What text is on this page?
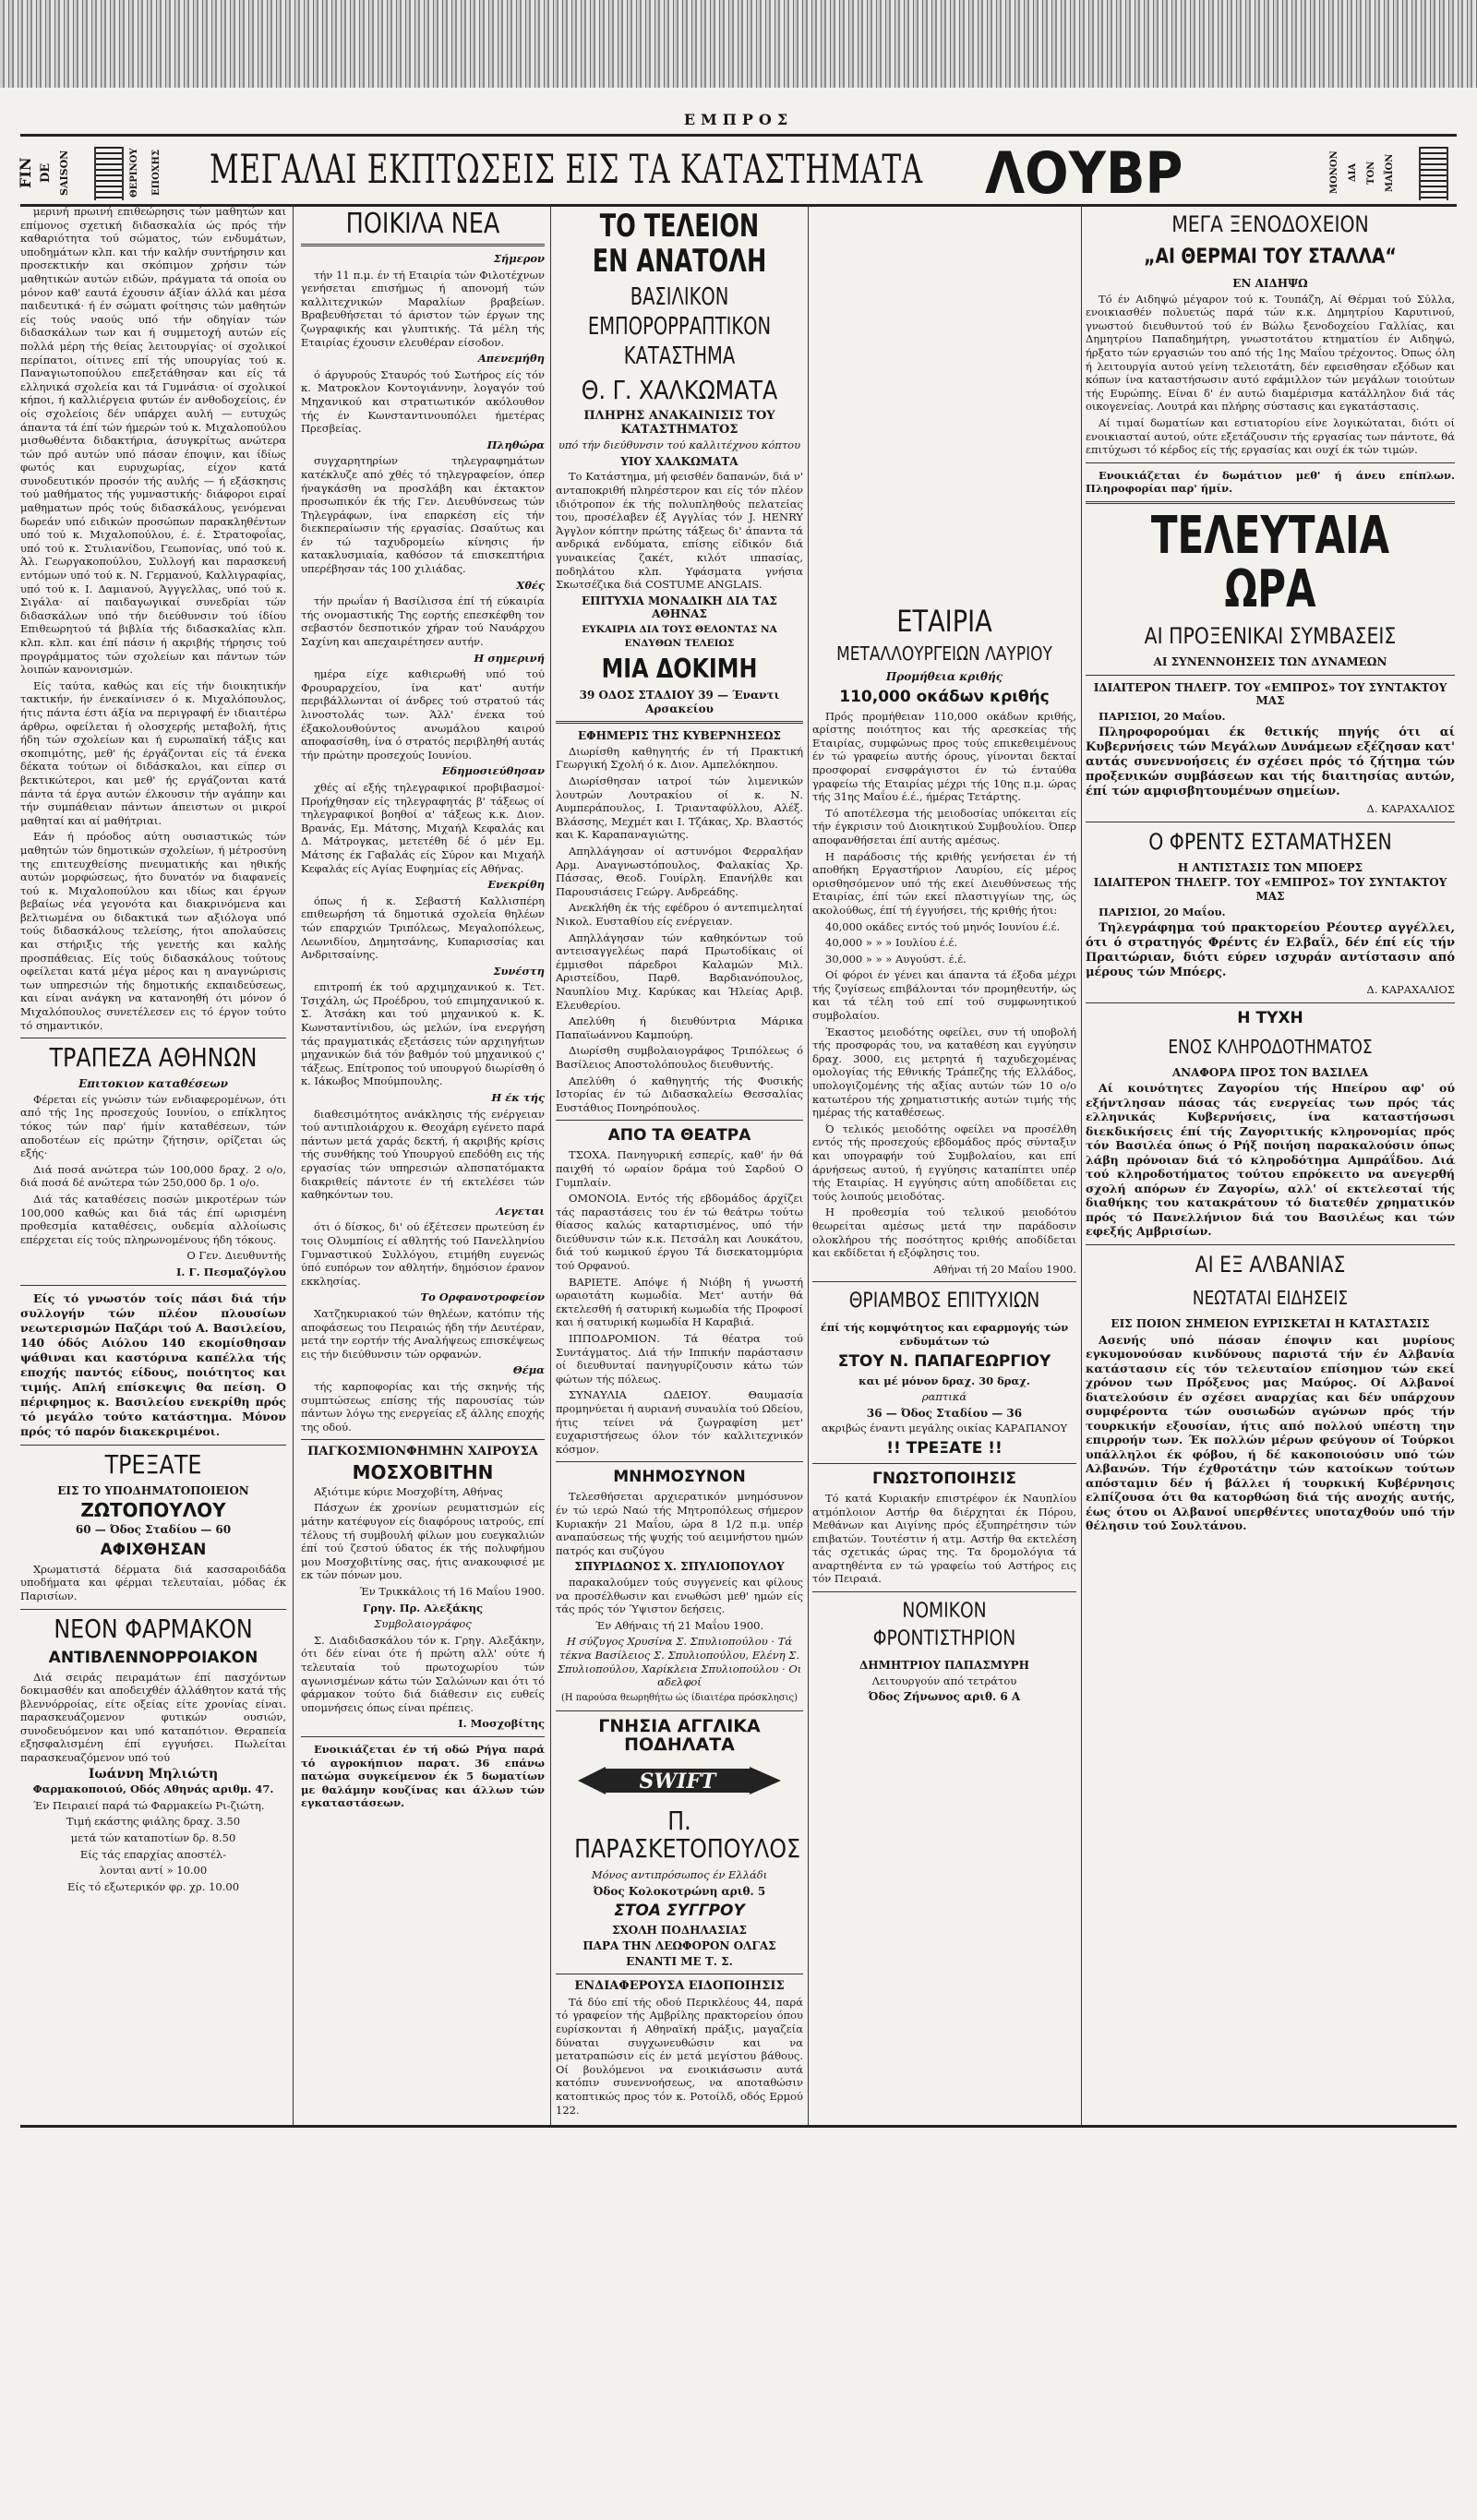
ΕΜΠΡΟΣ
FIN DE SAISON	ΘΕΡΙΝΟΥ	ΕΠΟΧΗΣ ΜΕΓΑΛΑΙ ΕΚΠΤΩΣΕΙΣ ΕΙΣ ΤΑ ΚΑΤΑΣΤΗΜΑΤΑ ΛΟΥΒΡ	ΜΟΝΟΝ ΔΙΑ ΤΟΝ ΜΑΪΟΝ

μερινή πρωινή επιθεώρησις τών μαθητών και επίμονος σχετική διδασκαλία ώς πρός τήν καθαριότητα τού σώματος, τών ενδυμάτων, υποδημάτων κλπ. και τήν καλήν συντήρησιν και προσεκτικήν και σκόπιμον χρήσιν τών μαθητικών αυτών ειδών, πράγματα τά οποία ου μόνον καθ' εαυτά έχουσιν άξίαν άλλά και μέσα παιδευτικά· ή έν σώματι φοίτησις τών μαθητών είς τούς ναούς υπό τήν οδηγίαν τών διδασκάλων των και ή συμμετοχή αυτών είς πολλά μέρη τής θείας λειτουργίας· οί σχολικοί περίπατοι, οίτινες επί τής υπουργίας τού κ. Παναγιωτοπούλου επεξετάθησαν και είς τά ελληνικά σχολεία και τά Γυμνάσια· οί σχολικοί κήποι, ή καλλιέργεια φυτών έν ανθοδοχείοις, έν οίς σχολείοις δέν υπάρχει αυλή — ευτυχώς άπαντα τά έπί τών ήμερών τού κ. Μιχαλοπούλου μισθωθέντα διδακτήρια, άσυγκρίτως ανώτερα τών πρό αυτών υπό πάσαν έποψιν, και ίδίως φωτός και ευρυχωρίας, είχον κατά συνοδευτικόν προσόν τής αυλής — ή εξάσκησις τού μαθήματος τής γυμναστικής· διάφοροι ειραί μαθηματων πρός τούς διδασκάλους, γενόμεναι δωρεάν υπό ειδικών προσώπων παρακληθέντων υπό τού κ. Μιχαλοπούλου, έ. έ. Στρατοφοΐας, υπό τού κ. Στυλιανίδου, Γεωπονίας, υπό τού κ. Άλ. Γεωργακοπούλου, Συλλογή και παρασκευή εντόμων υπό τού κ. Ν. Γερμανού, Καλλιγραφίας, υπό τού κ. Ι. Δαμιανού, Άγγγελλας, υπό τού κ. Σιγάλα· αί παιδαγωγικαί συνεδρίαι τών διδασκάλων υπό τήν διεύθυνσιν τού ίδίου Επιθεωρητού τά βιβλία τής διδασκαλίας κλπ. κλπ. κλπ. και έπί πάσιν ή ακριβής τήρησις τού προγράμματος τών σχολείων και πάντων τών λοιπών κανονισμών.

Είς ταύτα, καθώς και είς τήν διοικητικήν τακτικήν, ήν ένεκαίνισεν ό κ. Μιχαλόπουλος, ήτις πάντα έστι άξία να περιγραφή έν ιδιαιτέρω άρθρω, οφείλεται ή ολοσχερής μεταβολή, ήτις ήδη τών σχολείων και ή ευρωπαϊκή τάξις και σκοπιμότης, μεθ' ής έργάζονται είς τά ένεκα δέκατα τούτων οί διδάσκαλοι, και είπερ σι βεκτικώτεροι, και μεθ' ής εργάζονται κατά πάντα τά έργα αυτών έλκουσιν τήν αγάπην και τήν συμπάθειαν πάντων άπειστων οι μικροί μαθηταί και αί μαθήτριαι.

Εάν ή πρόοδος αύτη ουσιαστικώς τών μαθητών τών δημοτικών σχολείων, ή μέτροσύνη της επιτευχθείσης πνευματικής και ηθικής αυτών μορφώσεως, ήτο δυνατόν να διαφανείς τού κ. Μιχαλοπούλου και ιδίως και έργων βεβαίως νέα γεγονότα και διακρινόμενα και βελτιωμένα ου διδακτικά των αξιόλογα υπό τούς διδασκάλους τελείσης, ήτοι απολαύσεις και στήριξις τής γενετής και καλής προσπάθειας. Είς τούς διδασκάλους τούτους οφείλεται κατά μέγα μέρος και η αναγνώρισις των υπηρεσιών τής δημοτικής εκπαιδεύσεως, και είναι ανάγκη να κατανοηθή ότι μόνον ό Μιχαλόπουλος συνετέλεσεν εις τό έργον τούτο τό σημαντικόν.

ΤΡΑΠΕΖΑ ΑΘΗΝΩΝ
Επιτοκιον καταθέσεων

Φέρεται είς γνώσιν τών ενδιαφερομένων, ότι από τής 1ης προσεχούς Ιουνίου, ο επίκλητος τόκος τών παρ' ήμίν καταθέσεων, τών αποδοτέων είς πρώτην ζήτησιν, ορίζεται ώς εξής·

Διά ποσά ανώτερα τών 100,000 δραχ. 2 ο/ο, διά ποσά δέ ανώτερα τών 250,000 δρ. 1 ο/ο.

Διά τάς καταθέσεις ποσών μικροτέρων τών 100,000 καθώς και διά τάς έπί ωρισμένη προθεσμία καταθέσεις, ουδεμία αλλοίωσις επέρχεται είς τούς πληρωνομένους ήδη τόκους.

Ο Γεν. Διευθυντής

Ι. Γ. Πεσμαζόγλου

Είς τό γνωστόν τοίς πάσι διά τήν συλλογήν τών πλέον πλουσίων νεωτερισμών Παζάρι τού Α. Βασιλείου, 140 όδός Αιόλου 140 εκομίσθησαν ψάθιναι και καστόρινα καπέλλα τής εποχής παντός είδους, ποιότητος και τιμής. Απλή επίσκεψις θα πείση. Ο πέριφημος κ. Βασιλείου ενεκρίθη πρός τό μεγάλο τούτο κατάστημα. Μόνον πρός τό παρόν διακεκριμένοι.

ΤΡΕΞΑΤΕ
ΕΙΣ ΤΟ ΥΠΟΔΗΜΑΤΟΠΟΙΕΙΟΝ
ΖΩΤΟΠΟΥΛΟΥ
60 — Όδος Σταδίου — 60
ΑΦΙΧΘΗΣΑΝ

Χρωματιστά δέρματα διά κασσαροιδάδα υποδήματα και φέρμαι τελευταίαι, μόδας έκ Παρισίων.

ΝΕΟΝ ΦΑΡΜΑΚΟΝ
ΑΝΤΙΒΛΕΝΝΟΡΡΟΙΑΚΟΝ

Διά σειράς πειραμάτων έπί πασχόντων δοκιμασθέν και αποδειχθέν άλλάθητον κατά τής βλεννόρροίας, είτε οξείας είτε χρονίας είναι. παρασκευάζομενον φυτικών ουσιών, συνοδευόμενον και υπό καταπότιον. Θεραπεία εξησφαλισμένη έπί εγγυήσει. Πωλείται παρασκευαζόμενον υπό τού

Ιωάννη Μηλιώτη

Φαρμακοποιού, Οδός Αθηνάς αριθμ. 47.

Έν Πειραιεί παρά τώ Φαρμακείω Ρι-ζιώτη.

Τιμή εκάστης φιάλης δραχ. 3.50

μετά τών καταποτίων δρ. 8.50

Είς τάς επαρχίας αποστέλ-

λονται αντί » 10.00

Είς τό εξωτερικόν φρ. χρ. 10.00

ΠΟΙΚΙΛΑ ΝΕΑ

Σήμερον

τήν 11 π.μ. έν τή Εταιρία τών Φιλοτέχνων γενήσεται επισήμως ή απονομή τών καλλιτεχνικών Μαραλίων βραβείων. Βραβευθήσεται τό άριστον τών έργων της ζωγραφικής και γλυπτικής. Τά μέλη τής Εταιρίας έχουσιν ελευθέραν είσοδον.

Απενεμήθη

ό άργυρούς Σταυρός τού Σωτήρος είς τόν κ. Ματροκλον Κοντογιάννην, λογαγόν τού Μηχανικού και στρατιωτικόν ακόλουθον τής έν Κωνσταντινουπόλει ήμετέρας Πρεσβείας.

Πληθώρα

συγχαρητηρίων τηλεγραφημάτων κατέκλυζε από χθές τό τηλεγραφείον, όπερ ήναγκάσθη να προσλάβη και έκτακτον προσωπικόν έκ τής Γεν. Διευθύνσεως τών Τηλεγράφων, ίνα επαρκέση είς τήν διεκπεραίωσιν τής εργασίας. Ωσαύτως και έν τώ ταχυδρομείω κίνησις ήν κατακλυσμιαία, καθόσον τά επισκεπτήρια υπερέβησαν τάς 100 χιλιάδας.

Χθές

τήν πρωΐαν ή Βασίλισσα έπί τή εύκαιρία τής ονομαστικής Της εορτής επεσκέφθη τον σεβαστόν δεσποτικόν χήραν τού Ναυάρχου Σαχίνη και απεχαιρέτησεν αυτήν.

Η σημερινή

ημέρα είχε καθιερωθή υπό τού Φρουραρχείου, ίνα κατ' αυτήν περιβάλλωνται οί άνδρες τού στρατού τάς λινοστολάς των. Άλλ' ένεκα τού έξακολουθούντος ανωμάλου καιρού αποφασίσθη, ίνα ό στρατός περιβληθή αυτάς τήν πρώτην προσεχούς Ιουνίου.

Εδημοσιεύθησαν

χθές αί εξής τηλεγραφικοί προβιβασμοί· Προήχθησαν είς τηλεγραφητάς β' τάξεως οί τηλεγραφικοί βοηθοί α' τάξεως κ.κ. Διον. Βρανάς, Εμ. Μάτσης, Μιχαήλ Κεφαλάς και Δ. Μάτρογκας, μετετέθη δέ ό μέν Εμ. Μάτσης έκ Γαβαλάς είς Σύρον και Μιχαήλ Κεφαλάς είς Αγίας Ευφημίας είς Αθήνας.

Ενεκρίθη

όπως ή κ. Σεβαστή Καλλισπέρη επιθεωρήση τά δημοτικά σχολεία θηλέων τών επαρχιών Τριπόλεως, Μεγαλοπόλεως, Λεωνιδίου, Δημητσάνης, Κυπαρισσίας και Ανδριτσαίνης.

Συνέστη

επιτροπή έκ τού αρχιμηχανικού κ. Τετ. Τσιχάλη, ώς Προέδρου, τού επιμηχανικού κ. Σ. Άτσάκη και τού μηχανικού κ. Κ. Κωνσταντίνιδου, ώς μελών, ίνα ενεργήση τάς πραγματικάς εξετάσεις τών αρχιηγήτων μηχανικών διά τόν βαθμόν τού μηχανικού ϛ' τάξεως. Επίτροπος τού υπουργού διωρίσθη ό κ. Ιάκωβος Μπούμπουλης.

Η έκ τής

διαθεσιμότητος ανάκλησις τής ενέργειαν τού αντιπλοιάρχου κ. Θεοχάρη εγένετο παρά πάντων μετά χαράς δεκτή, ή ακριβής κρίσις τής συνθήκης τού Υπουργού επεδόθη εις τής εργασίας τών υπηρεσιών αλπσπατόμακτα διακριθείς πάντοτε έν τή εκτελέσει τών καθηκόντων του.

Λεγεται

ότι ό δίσκος, δι' ού έξέτεσεν πρωτεύση έν τοις Ολυμπίοις εί αθλητής τού Πανελληνίου Γυμναστικού Συλλόγου, ετιμήθη ευγενώς ύπό ευπόρων τον αθλητήν, δημόσιον έρανον εκκλησίας.

Το Ορφανοτροφείον

Χατζηκυριακού τών θηλέων, κατόπιν τής αποφάσεως του Πειραιώς ήδη τήν Δευτέραν, μετά την εορτήν τής Αναλήψεως επισκέψεως εις τήν διεύθυνσιν τών ορφανών.

Θέμα

τής καρποφορίας και τής σκηνής τής συμπτώσεως επίσης τής παρουσίας τών πάντων λόγω της ενεργείας εξ άλλης εποχής της οδού.

ΠΑΓΚΟΣΜΙΟΝΦΗΜΗΝ ΧΑΙΡΟΥΣΑ
ΜΟΣΧΟΒΙΤΗΝ

Αξιότιμε κύριε Μοσχοβίτη, Αθήνας

Πάσχων έκ χρονίων ρευματισμών είς μάτην κατέφυγον είς διαφόρους ιατρούς, επί τέλους τή συμβουλή φίλων μου ευεγκαλιών έπί τού ζεστού ύδατος έκ τής πολυφήμου μου Μοσχοβιτίνης σας, ήτις ανακουφισέ με εκ τών πόνων μου.

Έν Τρικκάλοις τή 16 Μαΐου 1900.

Γρηγ. Πρ. Αλεξάκης

Συμβολαιογράφος

Σ. Διαδιδασκάλου τόν κ. Γρηγ. Αλεξάκην, ότι δέν είναι ότε ή πρώτη αλλ' ούτε ή τελευταία τού πρωτοχωρίου τών αγωνισμένων κάτω τών Σαλώνων και ότι τό φάρμακον τούτο διά διάθεσιν εις ευθείς υπομνήσεις όπως είναι πρέπεις.

Ι. Μοσχοβίτης

Ενοικιάζεται έν τή οδώ Ρήγα παρά τό αγροκήπιον παρατ. 36 επάνω πατώμα συγκείμενον έκ 5 δωματίων με θαλάμην κουζίνας και άλλων τών εγκαταστάσεων.

ΤΟ ΤΕΛΕΙΟΝ ΕΝ ΑΝΑΤΟΛΗ
ΒΑΣΙΛΙΚΟΝ ΕΜΠΟΡΟΡΡΑΠΤΙΚΟΝ ΚΑΤΑΣΤΗΜΑ
Θ. Γ. ΧΑΛΚΩΜΑΤΑ
ΠΛΗΡΗΣ ΑΝΑΚΑΙΝΙΣΙΣ ΤΟΥ ΚΑΤΑΣΤΗΜΑΤΟΣ

υπό τήν διεύθυνσιν τού καλλιτέχνου κόπτου

ΥΙΟΥ ΧΑΛΚΩΜΑΤΑ

Το Κατάστημα, μή φεισθέν δαπανών, διά ν' ανταποκριθή πληρέστερον και είς τόν πλέον ιδιότροπον έκ τής πολυπληθούς πελατείας του, προσέλαβεν έξ Αγγλίας τόν J. HENRY Άγγλον κόπτην πρώτης τάξεως δι' άπαντα τά ανδρικά ενδύματα, επίσης είδικόν διά γυναικείας ζακέτ, κιλότ ιππασίας, ποδηλάτου κλπ. Υφάσματα γνήσια Σκωτσέζικα διά COSTUME ANGLAIS.

ΕΠΙΤΥΧΙΑ ΜΟΝΑΔΙΚΗ ΔΙΑ ΤΑΣ ΑΘΗΝΑΣ
ΕΥΚΑΙΡΙΑ ΔΙΑ ΤΟΥΣ ΘΕΛΟΝΤΑΣ ΝΑ ΕΝΔΥΘΩΝ ΤΕΛΕΙΩΣ
ΜΙΑ ΔΟΚΙΜΗ
39 ΟΔΟΣ ΣΤΑΔΙΟΥ 39 — Έναντι Αρσακείου
ΕΦΗΜΕΡΙΣ ΤΗΣ ΚΥΒΕΡΝΗΣΕΩΣ

Διωρίσθη καθηγητής έν τή Πρακτική Γεωργική Σχολή ό κ. Διον. Αμπελόκηπου.

Διωρίσθησαν ιατροί τών λιμενικών λουτρών Λουτρακίου οί κ. Ν. Αυμπεράπουλος, Ι. Τριανταφύλλου, Αλέξ. Βλάσσης, Μεχμέτ και Ι. Τζάκας, Χρ. Βλαστός και Κ. Καραπαναγιώτης.

Απηλλάγησαν οί αστυνόμοι Φερραλήαν Αρμ. Αναγνωστόπουλος, Φαλακίας Χρ. Πάσσας, Θεοδ. Γουίρλη. Επανήλθε και Παρουσιάσεις Γεώργ. Ανδρεάδης.

Ανεκλήθη έκ τής εφέδρου ό αντεπιμεληταί Νικολ. Ευσταθίου είς ενέργειαν.

Απηλλάγησαν τών καθηκόντων τού αντεισαγγελέως παρά Πρωτοδίκαις οί έμμισθοι πάρεδροι Καλαμών Μιλ. Αριστείδου, Παρθ. Βαρδιανόπουλος, Ναυπλίου Μιχ. Καρύκας και Ήλείας Αριβ. Ελευθερίου.

Απελύθη ή διευθύντρια Μάρικα Παπαϊωάννου Καμπούρη.

Διωρίσθη συμβολαιογράφος Τριπόλεως ό Βασίλειος Αποστολόπουλος διευθυντής.

Απελύθη ό καθηγητής τής Φυσικής Ιστορίας έν τώ Διδασκαλείω Θεσσαλίας Ευστάθιος Πονηρόπουλος.

ΑΠΟ ΤΑ ΘΕΑΤΡΑ

ΤΣΟΧΑ. Πανηγυρική εσπερίς, καθ' ήν θά παιχθή τό ωραίον δράμα τού Σαρδού Ο Γυμπλαίν.

ΟΜΟΝΟΙΑ. Εντός τής εβδομάδος άρχίζει τάς παραστάσεις του έν τώ θεάτρω τούτω θίασος καλώς καταρτισμένος, υπό τήν διεύθυνσιν τών κ.κ. Πετσάλη και Λουκάτου, διά τού κωμικού έργου Τά δισεκατομμύρια τού Ορφανού.

ΒΑΡΙΕΤΕ. Απόψε ή Νιόβη ή γνωστή ωραιοτάτη κωμωδία. Μετ' αυτήν θά εκτελεσθή ή σατυρική κωμωδία τής Προφοσί και ή σατυρική κωμωδία Η Καραβιά.

ΙΠΠΟΔΡΟΜΙΟΝ. Τά θέατρα τού Συντάγματος. Διά τήν Ιππικήν παράστασιν οί διευθυνταί πανηγυρίζουσιν κάτω τών φώτων τής πόλεως.

ΣΥΝΑΥΛΙΑ ΩΔΕΙΟΥ. Θαυμασία προμηνύεται ή αυριανή συναυλία τού Ωδείου, ήτις τείνει νά ζωγραφίση μετ' ευχαριστήσεως όλον τόν καλλιτεχνικόν κόσμον.

ΜΝΗΜΟΣΥΝΟΝ

Τελεσθήσεται αρχιερατικόν μνημόσυνον έν τώ ιερώ Ναώ τής Μητροπόλεως σήμερον Κυριακήν 21 Μαΐου, ώρα 8 1/2 π.μ. υπέρ αναπαύσεως τής ψυχής τού αειμνήστου ημών πατρός και συζύγου

ΣΠΥΡΙΔΩΝΟΣ Χ. ΣΠΥΛΙΟΠΟΥΛΟΥ

παρακαλούμεν τούς συγγενείς και φίλους να προσέλθωσιν και ενωθώσι μεθ' ημών είς τάς πρός τόν Ύψιστον δεήσεις.

Έν Αθήναις τή 21 Μαΐου 1900.

Η σύζυγος Χρυσίνα Σ. Σπυλιοπούλου · Τά τέκνα Βασίλειος Σ. Σπυλιοπούλου, Ελένη Σ. Σπυλιοπούλου, Χαρίκλεια Σπυλιοπούλου · Οι αδελφοί

(Η παρούσα θεωρηθήτω ώς ίδιαιτέρα πρόσκλησις)

ΓΝΗΣΙΑ ΑΓΓΛΙΚΑ ΠΟΔΗΛΑΤΑ
SWIFT
Π. ΠΑΡΑΣΚΕΤΟΠΟΥΛΟΣ

Μόνος αντιπρόσωπος έν Ελλάδι

Όδος Κολοκοτρώνη αριθ. 5
ΣΤΟΑ ΣΥΓΓΡΟΥ
ΣΧΟΛΗ ΠΟΔΗΛΑΣΙΑΣ
ΠΑΡΑ ΤΗΝ ΛΕΩΦΟΡΟΝ ΟΛΓΑΣ
ΕΝΑΝΤΙ ΜΕ Τ. Σ.
ΕΝΔΙΑΦΕΡΟΥΣΑ ΕΙΔΟΠΟΙΗΣΙΣ

Τά δύο επί τής οδού Περικλέους 44, παρά τό γραφείον τής Αμβρίλης πρακτορείου όπου ευρίσκονται ή Αθηναϊκή πράξις, μαγαζεία δύναται συγχωνευθώσιν και να μετατραπώσιν είς έν μετά μεγίστου βάθους. Οί βουλόμενοι να ενοικιάσωσιν αυτά κατόπιν συνεννοήσεως, να αποταθώσιν κατοπτικώς προς τόν κ. Ροτοίλδ, οδός Ερμού 122.

ΕΤΑΙΡΙΑ
ΜΕΤΑΛΛΟΥΡΓΕΙΩΝ ΛΑΥΡΙΟΥ
Προμήθεια κριθής
110,000 οκάδων κριθής

Πρός προμήθειαν 110,000 οκάδων κριθής, αρίστης ποιότητος και τής αρεσκείας τής Εταιρίας, συμφώνως προς τούς επικεθειμένους έν τώ γραφείω αυτής όρους, γίνονται δεκταί προσφοραί ενσφράγιστοι έν τώ ένταύθα γραφείω τής Εταιρίας μέχρι τής 10ης π.μ. ώρας τής 31ης Μαΐου έ.έ., ήμέρας Τετάρτης.

Τό αποτέλεσμα τής μειοδοσίας υπόκειται είς τήν έγκρισιν τού Διοικητικού Συμβουλίου. Όπερ αποφανθήσεται έπί αυτής αμέσως.

Η παράδοσις τής κριθής γενήσεται έν τή αποθήκη Εργαστήριον Λαυρίου, είς μέρος ορισθησόμενον υπό τής εκεί Διευθύνσεως τής Εταιρίας, έπί τών εκεί πλαστιγγίων της, ώς ακολούθως, έπί τή έγγυήσει, τής κριθής ήτοι:

40,000 οκάδες εντός τού μηνός Ιουνίου έ.έ.

40,000 » » » Ιουλίου έ.έ.

30,000 » » » Αυγούστ. έ.έ.

Οί φόροι έν γένει και άπαντα τά έξοδα μέχρι τής ζυγίσεως επιβάλονται τόν προμηθευτήν, ώς και τά τέλη τού επί τού συμφωνητικού συμβολαίου.

Έκαστος μειοδότης οφείλει, συν τή υποβολή τής προσφοράς του, να καταθέση και εγγύησιν δραχ. 3000, εις μετρητά ή ταχυδεχομένας ομολογίας τής Εθνικής Τράπεζης τής Ελλάδος, υπολογιζομένης τής αξίας αυτών τών 10 ο/ο κατωτέρου τής χρηματιστικής αυτών τιμής τής ημέρας τής καταθέσεως.

Ό τελικός μειοδότης οφείλει να προσέλθη εντός τής προσεχούς εβδομάδος πρός σύνταξιν και υπογραφήν τού Συμβολαίου, και επί άρνήσεως αυτού, ή εγγύησις καταπίπτει υπέρ τής Εταιρίας. Η εγγύησις αύτη αποδίδεται εις τούς λοιπούς μειοδότας.

Η προθεσμία τού τελικού μειοδότου θεωρείται αμέσως μετά την παράδοσιν ολοκλήρου τής ποσότητος κριθής αποδίδεται και εκδίδεται ή εξόφλησις του.

Αθήναι τή 20 Μαΐου 1900.

ΘΡΙΑΜΒΟΣ ΕΠΙΤΥΧΙΩΝ

έπί τής κομψότητος και εφαρμογής τών ενδυμάτων τώ

ΣΤΟΥ Ν. ΠΑΠΑΓΕΩΡΓΙΟΥ

και μέ μόνον δραχ. 30 δραχ.

ραπτικά

36 — Όδος Σταδίου — 36

ακριβώς έναντι μεγάλης οικίας ΚΑΡΑΠΑΝΟΥ

!! ΤΡΕΞΑΤΕ !!
ΓΝΩΣΤΟΠΟΙΗΣΙΣ

Τό κατά Κυριακήν επιστρέφον έκ Ναυπλίου ατμόπλοιον Αστήρ θα διέρχηται έκ Πόρου, Μεθάνων και Αιγίνης πρός έξυπηρέτησιν τών επιβατών. Τουτέστιν ή ατμ. Αστήρ θα εκτελέση τάς σχετικάς ώρας της. Τα δρομολόγια τά αναρτηθέντα εν τώ γραφείω τού Αστήρος εις τόν Πειραιά.

ΝΟΜΙΚΟΝ ΦΡΟΝΤΙΣΤΗΡΙΟΝ
ΔΗΜΗΤΡΙΟΥ ΠΑΠΑΣΜΥΡΗ

Λειτουργούν από τετράτου

Όδος Ζήνωνος αριθ. 6 Α
ΜΕΓΑ ΞΕΝΟΔΟΧΕΙΟΝ
„ΑΙ ΘΕΡΜΑΙ ΤΟΥ ΣΤΑΛΛΑ“
ΕΝ ΑΙΔΗΨΩ

Τό έν Αιδηψώ μέγαρον τού κ. Τουπάζη, Αί Θέρμαι τού Σύλλα, ενοικιασθέν πολυετώς παρά τών κ.κ. Δημητρίου Καρυτινού, γνωστού διευθυντού τού έν Βώλω ξενοδοχείου Γαλλίας, και Δημητρίου Παπαδημήτρη, γνωστοτάτου κτηματίου έν Αιδηψώ, ήρξατο τών εργασιών του από τής 1ης Μαΐου τρέχοντος. Όπως όλη ή λειτουργία αυτού γείνη τελειοτάτη, δέν εφεισθησαν εξόδων και κόπων ίνα καταστήσωσιν αυτό εφάμιλλον τών μεγάλων τοιούτων τής Ευρώπης. Είναι δ' έν αυτώ διαμέρισμα κατάλληλον διά τάς οικογενείας. Λουτρά και πλήρης σύστασις και εγκατάστασις.

Αί τιμαί δωματίων και εστιατορίου είνε λογικώταται, διότι οί ενοικιασταί αυτού, ούτε εξετάζουσιν τής εργασίας των πάντοτε, θά επιτύχωσι τό κέρδος είς τής εργασίας και ουχί έκ τών τιμών.

Ενοικιάζεται έν δωμάτιον μεθ' ή άνευ επίπλων. Πληροφορίαι παρ' ήμίν.

ΤΕΛΕΥΤΑΙΑ ΩΡΑ
ΑΙ ΠΡΟΞΕΝΙΚΑΙ ΣΥΜΒΑΣΕΙΣ
ΑΙ ΣΥΝΕΝΝΟΗΣΕΙΣ ΤΩΝ ΔΥΝΑΜΕΩΝ
ΙΔΙΑΙΤΕΡΟΝ ΤΗΛΕΓΡ. ΤΟΥ «ΕΜΠΡΟΣ» ΤΟΥ ΣΥΝΤΑΚΤΟΥ ΜΑΣ

ΠΑΡΙΣΙΟΙ, 20 Μαΐου.

Πληροφορούμαι έκ θετικής πηγής ότι αί Κυβερνήσεις τών Μεγάλων Δυνάμεων εξέζησαν κατ' αυτάς συνεννοήσεις έν σχέσει πρός τό ζήτημα τών προξενικών συμβάσεων και τής διαιτησίας αυτών, έπί τών αμφισβητουμένων σημείων.

Δ. ΚΑΡΑΧΑΛΙΟΣ

Ο ΦΡΕΝΤΣ ΕΣΤΑΜΑΤΗΣΕΝ
Η ΑΝΤΙΣΤΑΣΙΣ ΤΩΝ ΜΠΟΕΡΣ
ΙΔΙΑΙΤΕΡΟΝ ΤΗΛΕΓΡ. ΤΟΥ «ΕΜΠΡΟΣ» ΤΟΥ ΣΥΝΤΑΚΤΟΥ ΜΑΣ

ΠΑΡΙΣΙΟΙ, 20 Μαΐου.

Τηλεγράφημα τού πρακτορείου Ρέουτερ αγγέλλει, ότι ό στρατηγός Φρέντς έν Ελβαΐλ, δέν έπί είς τήν Πραιτώριαν, διότι εύρεν ισχυράν αντίστασιν από μέρους τών Μπόερς.

Δ. ΚΑΡΑΧΑΛΙΟΣ

Η ΤΥΧΗ
ΕΝΟΣ ΚΛΗΡΟΔΟΤΗΜΑΤΟΣ
ΑΝΑΦΟΡΑ ΠΡΟΣ ΤΟΝ ΒΑΣΙΛΕΑ

Αί κοινότητες Ζαγορίου τής Ηπείρου αφ' ού εξήντλησαν πάσας τάς ενεργείας των πρός τάς ελληνικάς Κυβερνήσεις, ίνα καταστήσωσι διεκδικήσεις έπί τής Ζαγοριτικής κληρονομίας πρός τόν Βασιλέα όπως ό Ρήξ ποιήση παρακαλούσιν όπως λάβη πρόνοιαν διά τό κληροδότημα Αμπράΐδου. Διά τού κληροδοτήματος τούτου επρόκειτο να ανεγερθή σχολή απόρων έν Ζαγορίω, αλλ' οί εκτελεσταί τής διαθήκης του κατακράτουν τό διατεθέν χρηματικόν πρός τό Πανελλήνιον διά του Βασιλέως και τών εφεξής Αμβρισίων.

ΑΙ ΕΞ ΑΛΒΑΝΙΑΣ
ΝΕΩΤΑΤΑΙ ΕΙΔΗΣΕΙΣ
ΕΙΣ ΠΟΙΟΝ ΣΗΜΕΙΟΝ ΕΥΡΙΣΚΕΤΑΙ Η ΚΑΤΑΣΤΑΣΙΣ

Ασενής υπό πάσαν έποψιν και μυρίους εγκυμονούσαν κινδύνους παριστά τήν έν Αλβανία κατάστασιν είς τόν τελευταίον επίσημον τών εκεί χρόνον των Πρόξενος μας Μαύρος. Οί Αλβανοί διατελούσιν έν σχέσει αναρχίας και δέν υπάρχουν συμφέροντα τών ουσιωδών αγώνων πρός τήν τουρκικήν εξουσίαν, ήτις από πολλού υπέστη την επιρροήν των. Έκ πολλών μέρων φεύγουν οί Τούρκοι υπάλληλοι έκ φόβου, ή δέ κακοποιούσιν υπό τών Αλβανών. Τήν έχθροτάτην τών κατοίκων τούτων απόσταμιν δέν ή βάλλει ή τουρκική Κυβέρνησις ελπίζουσα ότι θα κατορθώση διά τής ανοχής αυτής, έως ότου οι Αλβανοί υπερθέντες υποταχθούν υπό τήν θέλησιν τού Σουλτάνου.
